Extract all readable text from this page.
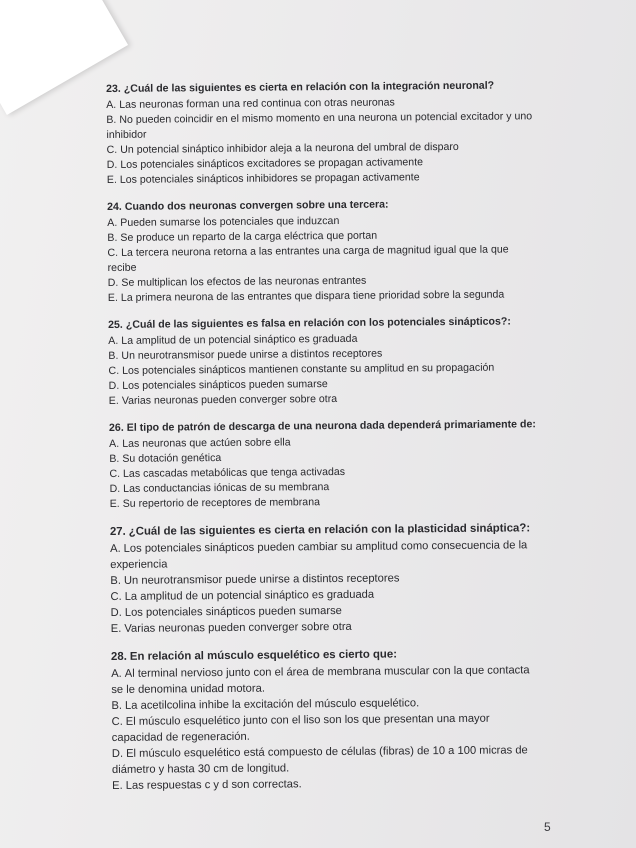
23. ¿Cuál de las siguientes es cierta en relación con la integración neuronal?
A. Las neuronas forman una red continua con otras neuronas
B. No pueden coincidir en el mismo momento en una neurona un potencial excitador y uno inhibidor
C. Un potencial sináptico inhibidor aleja a la neurona del umbral de disparo
D. Los potenciales sinápticos excitadores se propagan activamente
E. Los potenciales sinápticos inhibidores se propagan activamente
24. Cuando dos neuronas convergen sobre una tercera:
A. Pueden sumarse los potenciales que induzcan
B. Se produce un reparto de la carga eléctrica que portan
C. La tercera neurona retorna a las entrantes una carga de magnitud igual que la que recibe
D. Se multiplican los efectos de las neuronas entrantes
E. La primera neurona de las entrantes que dispara tiene prioridad sobre la segunda
25. ¿Cuál de las siguientes es falsa en relación con los potenciales sinápticos?:
A. La amplitud de un potencial sináptico es graduada
B. Un neurotransmisor puede unirse a distintos receptores
C. Los potenciales sinápticos mantienen constante su amplitud en su propagación
D. Los potenciales sinápticos pueden sumarse
E. Varias neuronas pueden converger sobre otra
26. El tipo de patrón de descarga de una neurona dada dependerá primariamente de:
A. Las neuronas que actúen sobre ella
B. Su dotación genética
C. Las cascadas metabólicas que tenga activadas
D. Las conductancias iónicas de su membrana
E. Su repertorio de receptores de membrana
27. ¿Cuál de las siguientes es cierta en relación con la plasticidad sináptica?:
A. Los potenciales sinápticos pueden cambiar su amplitud como consecuencia de la experiencia
B. Un neurotransmisor puede unirse a distintos receptores
C. La amplitud de un potencial sináptico es graduada
D. Los potenciales sinápticos pueden sumarse
E. Varias neuronas pueden converger sobre otra
28. En relación al músculo esquelético es cierto que:
A. Al terminal nervioso junto con el área de membrana muscular con la que contacta se le denomina unidad motora.
B. La acetilcolina inhibe la excitación del músculo esquelético.
C. El músculo esquelético junto con el liso son los que presentan una mayor capacidad de regeneración.
D. El músculo esquelético está compuesto de células (fibras) de 10 a 100 micras de diámetro y hasta 30 cm de longitud.
E. Las respuestas c y d son correctas.
5
